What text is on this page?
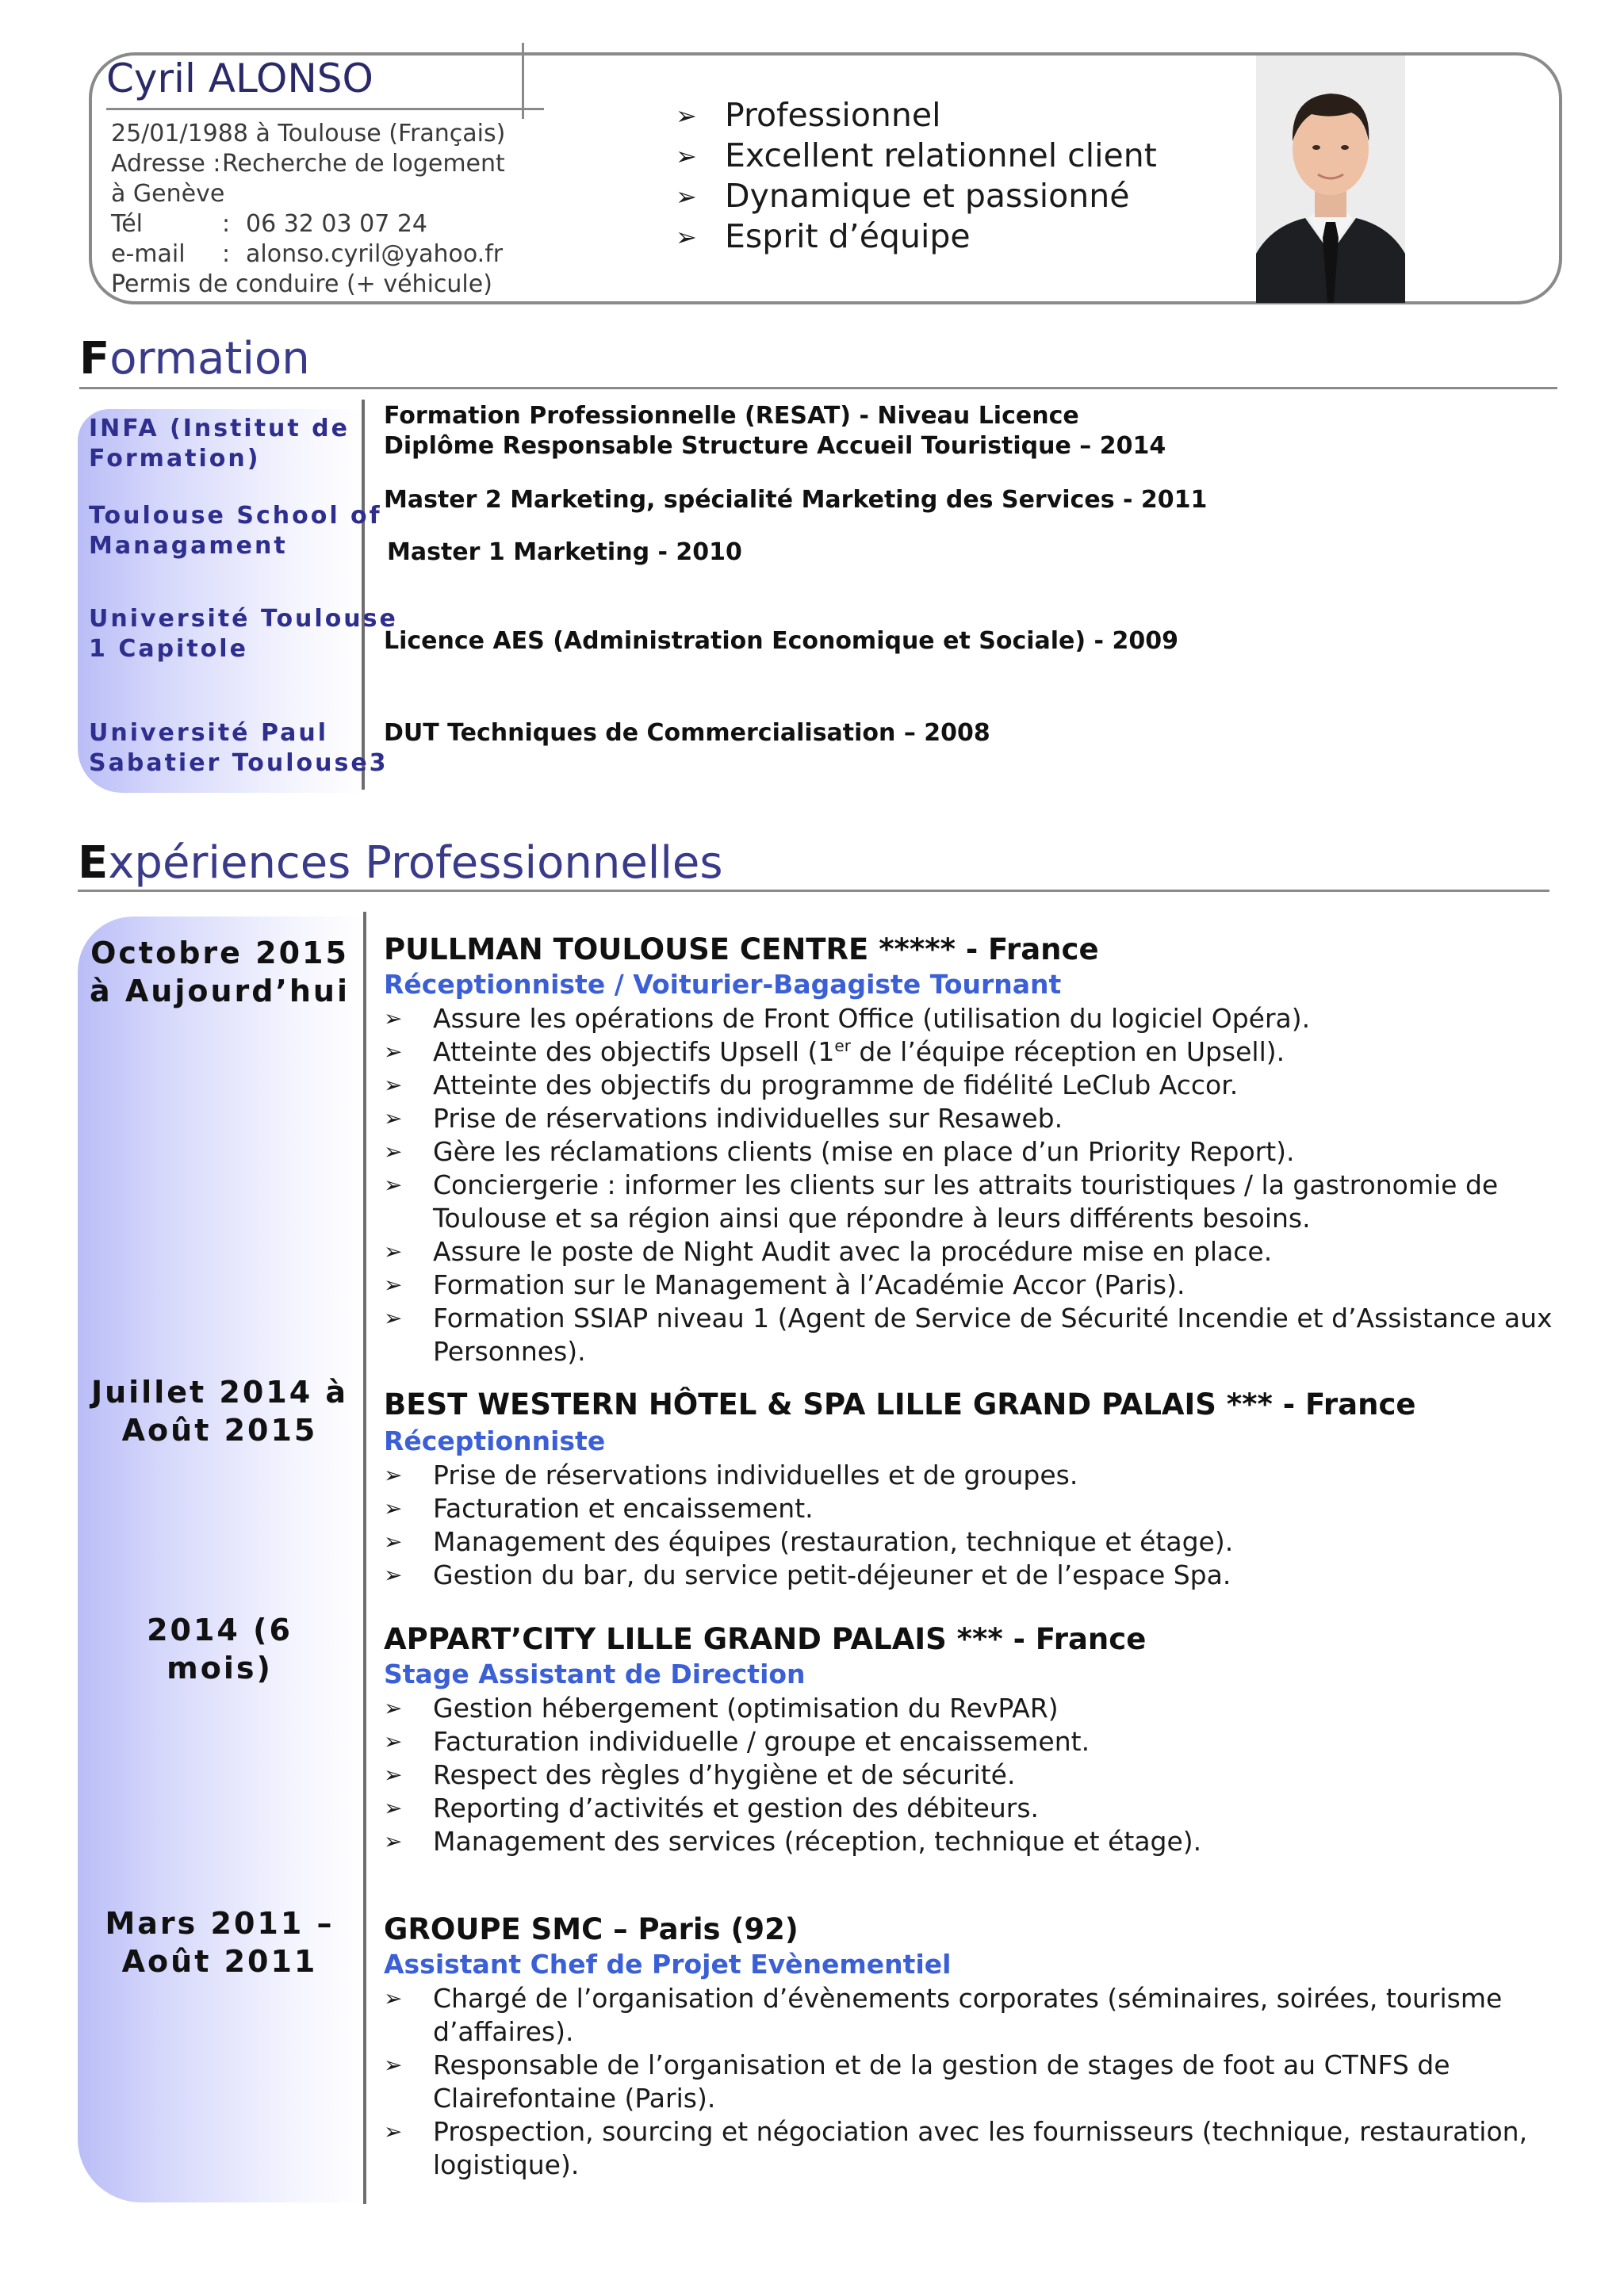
Cyril ALONSO
25/01/1988 à Toulouse (Français)
Adresse :Recherche de logement
à Genève
Tél	: 06 32 03 07 24
e-mail : alonso.cyril@yahoo.fr
Permis de conduire (+ véhicule)
➢ Professionnel
➢ Excellent relationnel client
➢ Dynamique et passionné
➢ Esprit d’équipe
Formation
INFA (Institut de
Formation)
Toulouse School of
Managament
Université Toulouse
1 Capitole
Université Paul
Sabatier Toulouse3
Formation Professionnelle (RESAT) - Niveau Licence
Diplôme Responsable Structure Accueil Touristique – 2014
Master 2 Marketing, spécialité Marketing des Services - 2011
Master 1 Marketing - 2010
Licence AES (Administration Economique et Sociale) - 2009
DUT Techniques de Commercialisation – 2008
Expériences Professionnelles
Octobre 2015
à Aujourd’hui
PULLMAN TOULOUSE CENTRE ***** - France
Réceptionniste / Voiturier-Bagagiste Tournant
➢ Assure les opérations de Front Office (utilisation du logiciel Opéra).
➢ Atteinte des objectifs Upsell (1er de l’équipe réception en Upsell).
➢ Atteinte des objectifs du programme de fidélité LeClub Accor.
➢ Prise de réservations individuelles sur Resaweb.
➢ Gère les réclamations clients (mise en place d’un Priority Report).
➢ Conciergerie : informer les clients sur les attraits touristiques / la gastronomie de
Toulouse et sa région ainsi que répondre à leurs différents besoins.
➢ Assure le poste de Night Audit avec la procédure mise en place.
➢ Formation sur le Management à l’Académie Accor (Paris).
➢ Formation SSIAP niveau 1 (Agent de Service de Sécurité Incendie et d’Assistance aux
Personnes).
Juillet 2014 à
Août 2015
BEST WESTERN HÔTEL & SPA LILLE GRAND PALAIS *** - France
Réceptionniste
➢ Prise de réservations individuelles et de groupes.
➢ Facturation et encaissement.
➢ Management des équipes (restauration, technique et étage).
➢ Gestion du bar, du service petit-déjeuner et de l’espace Spa.
2014 (6 mois)
APPART’CITY LILLE GRAND PALAIS *** - France
Stage Assistant de Direction
➢ Gestion hébergement (optimisation du RevPAR)
➢ Facturation individuelle / groupe et encaissement.
➢ Respect des règles d’hygiène et de sécurité.
➢ Reporting d’activités et gestion des débiteurs.
➢ Management des services (réception, technique et étage).
Mars 2011 –
Août 2011
GROUPE SMC – Paris (92)
Assistant Chef de Projet Evènementiel
➢ Chargé de l’organisation d’évènements corporates (séminaires, soirées, tourisme
d’affaires).
➢ Responsable de l’organisation et de la gestion de stages de foot au CTNFS de
Clairefontaine (Paris).
➢ Prospection, sourcing et négociation avec les fournisseurs (technique, restauration,
logistique).
